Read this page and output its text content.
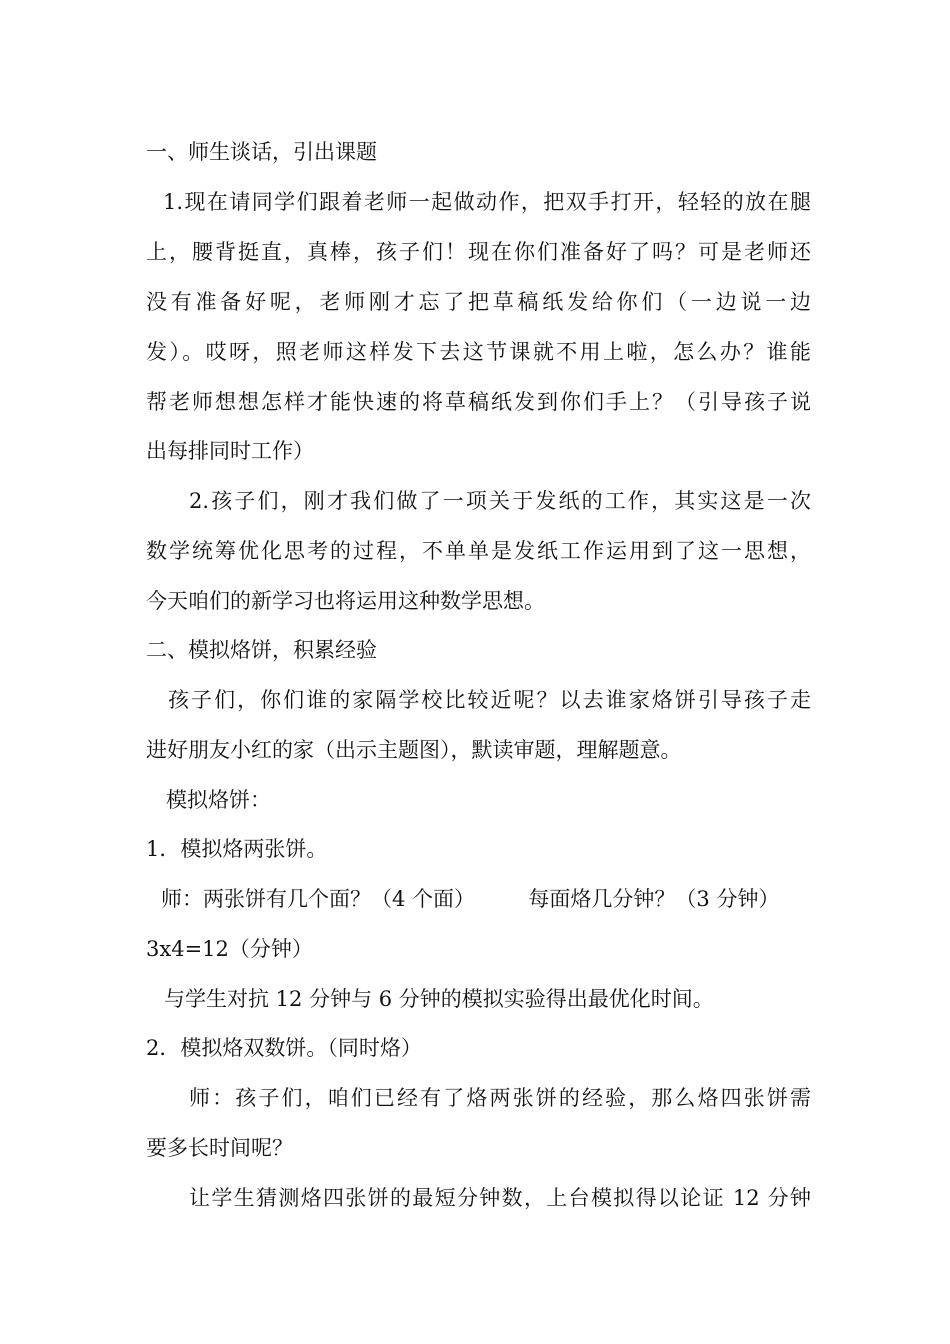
一、师生谈话，引出课题
1.现在请同学们跟着老师一起做动作，把双手打开，轻轻的放在腿
上，腰背挺直，真棒，孩子们！现在你们准备好了吗？可是老师还
没有准备好呢，老师刚才忘了把草稿纸发给你们（一边说一边
发）。哎呀，照老师这样发下去这节课就不用上啦，怎么办？谁能
帮老师想想怎样才能快速的将草稿纸发到你们手上？（引导孩子说
出每排同时工作）
2.孩子们，刚才我们做了一项关于发纸的工作，其实这是一次
数学统筹优化思考的过程，不单单是发纸工作运用到了这一思想，
今天咱们的新学习也将运用这种数学思想。
二、模拟烙饼，积累经验
孩子们，你们谁的家隔学校比较近呢？以去谁家烙饼引导孩子走
进好朋友小红的家（出示主题图），默读审题，理解题意。
模拟烙饼：
1．模拟烙两张饼。
师：两张饼有几个面？（4 个面）        每面烙几分钟？（3 分钟）
3x4=12（分钟）
与学生对抗 12 分钟与 6 分钟的模拟实验得出最优化时间。
2．模拟烙双数饼。（同时烙）
师：孩子们，咱们已经有了烙两张饼的经验，那么烙四张饼需
要多长时间呢？
让学生猜测烙四张饼的最短分钟数，上台模拟得以论证 12 分钟
